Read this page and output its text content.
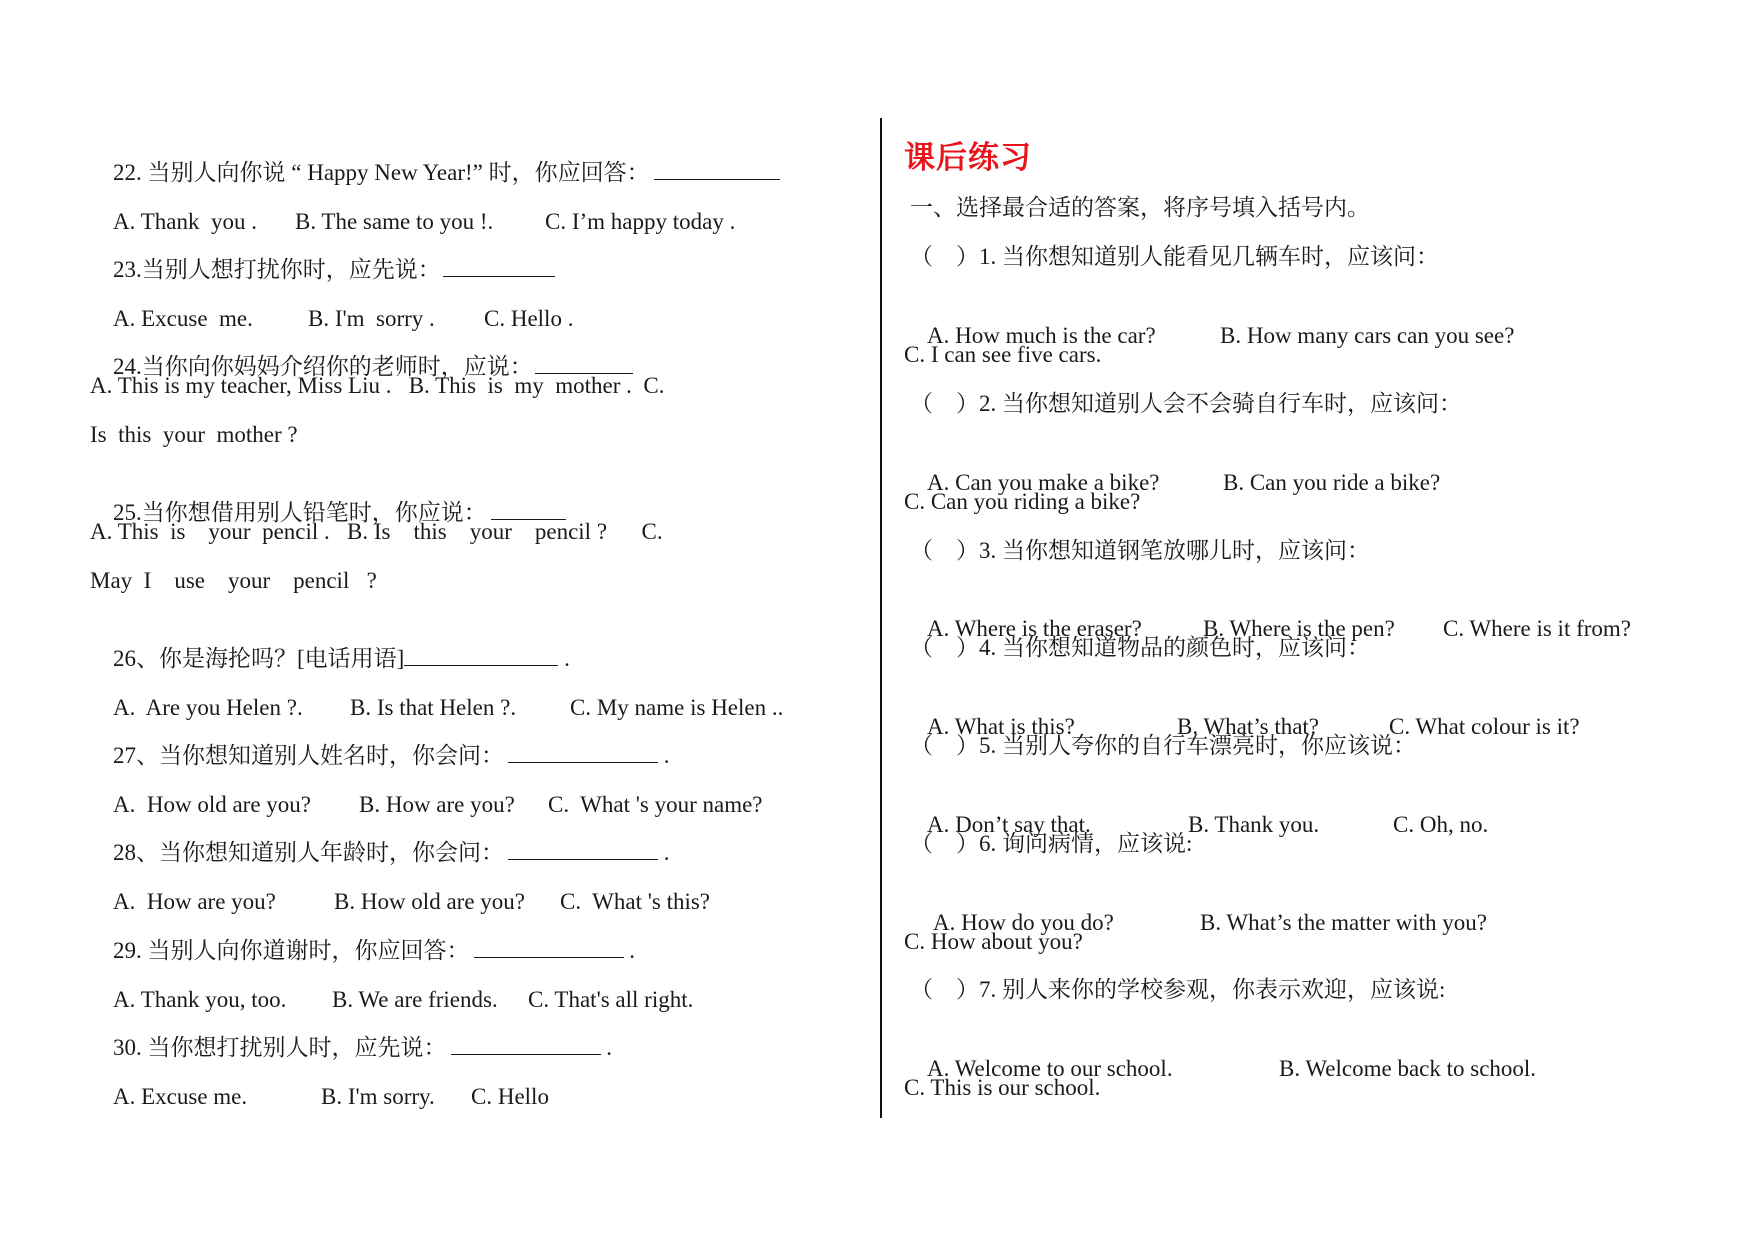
22. 当别人向你说 “ Happy New Year!” 时，你应回答：

A. Thank  you . B. The same to you !. C. I’m happy today .

23.当别人想打扰你时，应先说：

A. Excuse  me. B. I'm  sorry . C. Hello .

24.当你向你妈妈介绍你的老师时，应说：

A. This is my teacher, Miss Liu .   B. This  is  my  mother .  C.
Is  this  your  mother ?

25.当你想借用别人铅笔时，你应说：

A. This  is    your  pencil .   B. Is    this    your    pencil ?      C.
May  I    use    your    pencil   ?

26、你是海抡吗？[电话用语]	.

A.  Are you Helen ?. B. Is that Helen ?. C. My name is Helen ..

27、当你想知道别人姓名时，你会问：	.

A.  How old are you? B. How are you? C.  What 's your name?

28、当你想知道别人年龄时，你会问：	.

A.  How are you?	B. How old are you? C.  What 's this?

29. 当别人向你道谢时，你应回答：	.

A. Thank you, too. B. We are friends. C. That's all right.

30. 当你想打扰别人时，应先说：	.

A. Excuse me.	B. I'm sorry. C. Hello

课后练习
一、选择最合适的答案，将序号填入括号内。
（    ）1. 当你想知道别人能看见几辆车时，应该问：

A. How much is the car?	B. How many cars can you see?

C. I can see five cars.
（    ）2. 当你想知道别人会不会骑自行车时，应该问：

A. Can you make a bike?	B. Can you ride a bike?

C. Can you riding a bike?
（    ）3. 当你想知道钢笔放哪儿时，应该问：

A. Where is the eraser?	B. Where is the pen? C. Where is it from?

（    ）4. 当你想知道物品的颜色时，应该问：

A. What is this?	B. What’s that?	C. What colour is it?

（    ）5. 当别人夸你的自行车漂亮时，你应该说：

A. Don’t say that.	B. Thank you.	C. Oh, no.

（    ）6. 询问病情，应该说:

A. How do you do?	B. What’s the matter with you?

C. How about you?
（    ）7. 别人来你的学校参观，你表示欢迎，应该说:

A. Welcome to our school.	B. Welcome back to school.

C. This is our school.
